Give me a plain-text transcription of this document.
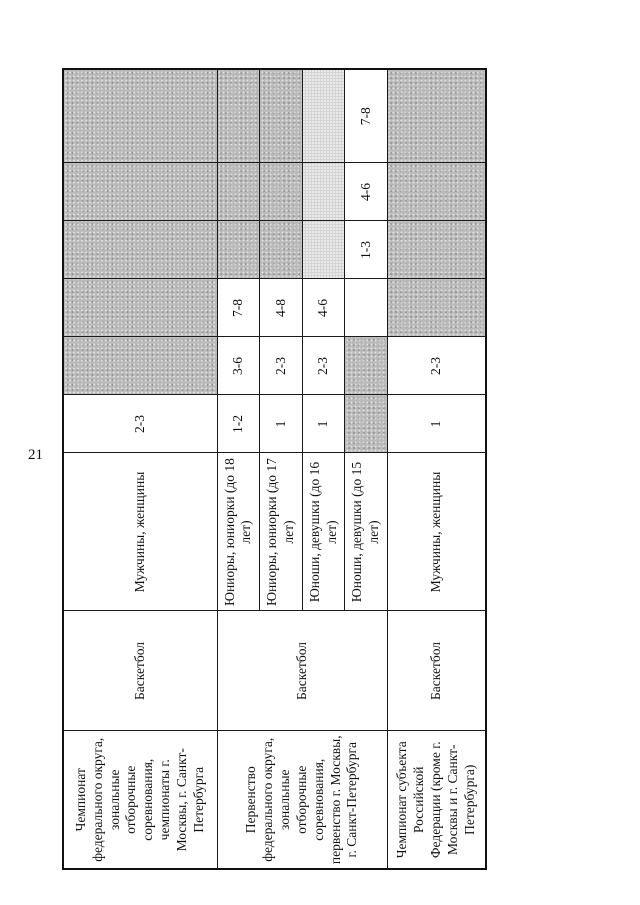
21
Чемпионат федерального округа, зональные отборочные соревнования, чемпионаты г. Москвы, г. Санкт-Петербурга	Баскетбол	Мужчины, женщины	2-3					
Первенство федерального округа, зональные отборочные соревнования, первенство г. Москвы, г. Санкт-Петербурга	Баскетбол	Юниоры, юниорки (до 18 лет)	1-2	3-6	7-8			
		Юниоры, юниорки (до 17 лет)	1	2-3	4-8			
		Юноши, девушки (до 16 лет)	1	2-3	4-6			
		Юноши, девушки (до 15 лет)				1-3	4-6	7-8
Чемпионат субъекта Российской Федерации (кроме г. Москвы и г. Санкт-Петербурга)	Баскетбол	Мужчины, женщины	1	2-3				
